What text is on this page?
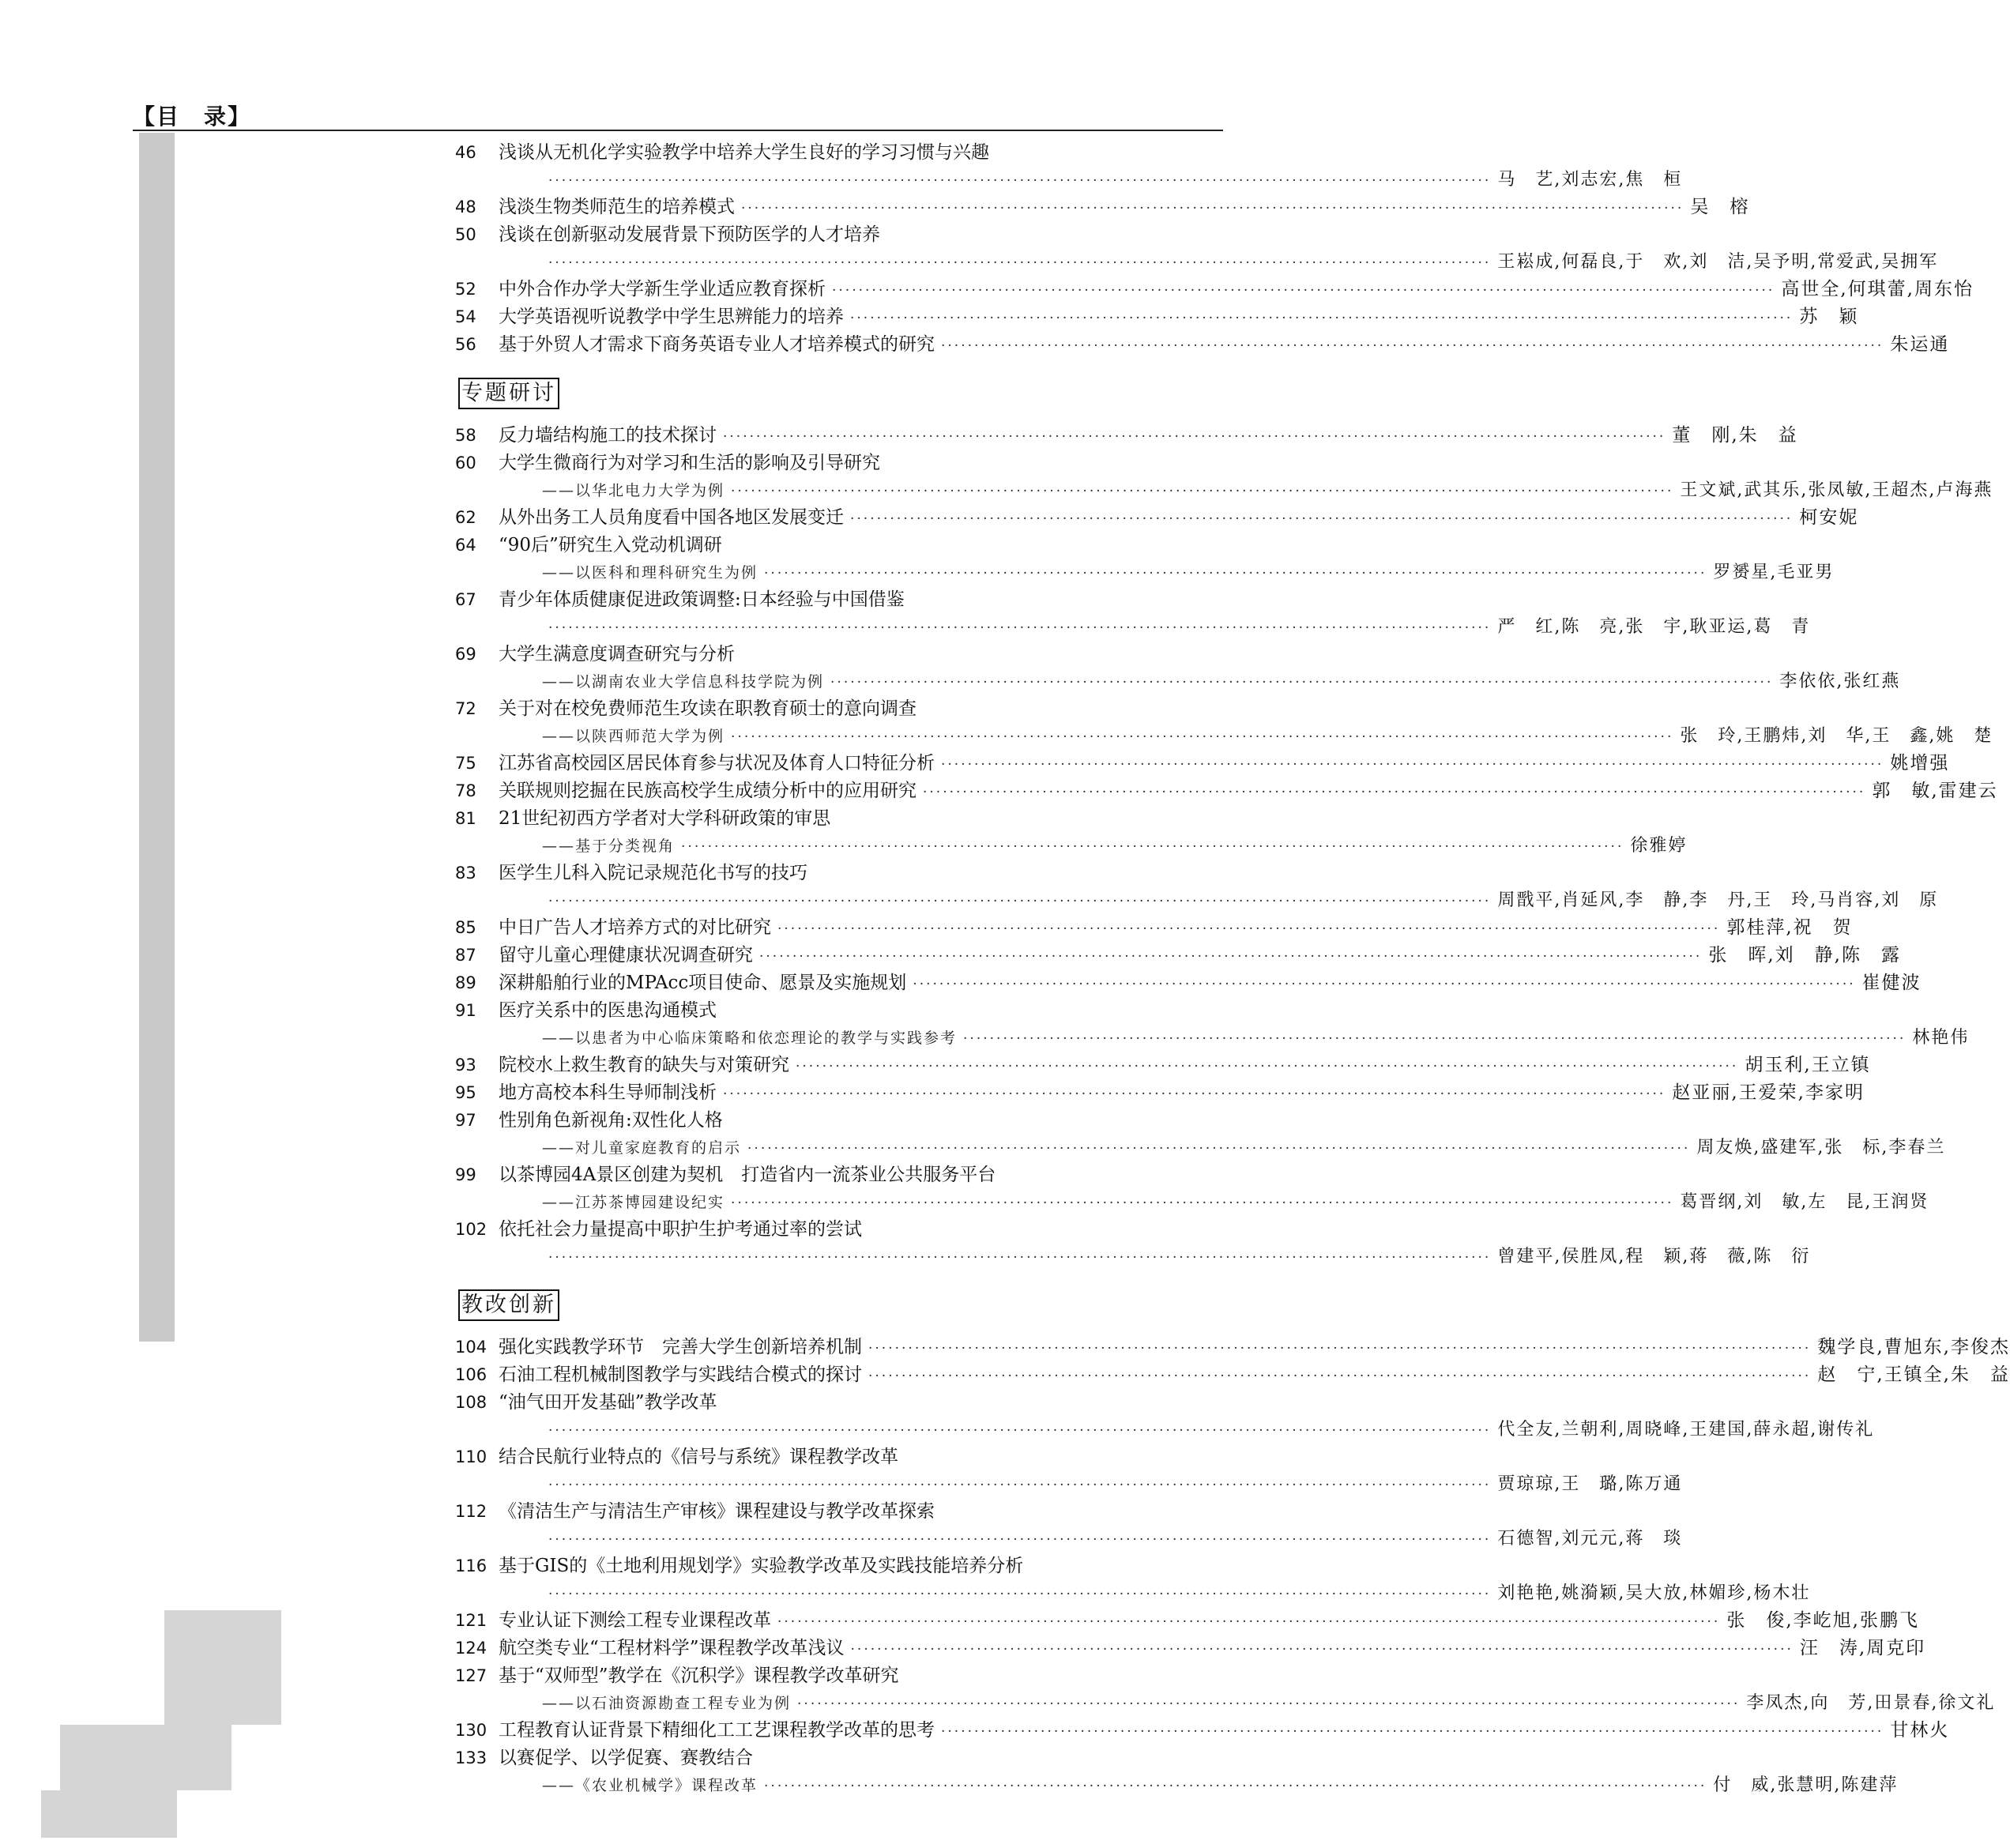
【目　录】
46	浅谈从无机化学实验教学中培养大学生良好的学习习惯与兴趣
·····
马　艺,刘志宏,焦　桓
48	浅淡生物类师范生的培养模式 ·····	吴　榕
50	浅谈在创新驱动发展背景下预防医学的人才培养
·····
王崧成,何磊良,于　欢,刘　洁,吴予明,常爱武,吴拥军
52	中外合作办学大学新生学业适应教育探析 ·····	高世全,何琪蕾,周东怡
54	大学英语视听说教学中学生思辨能力的培养 ·····	苏　颖
56	基于外贸人才需求下商务英语专业人才培养模式的研究 ·····	朱运通
专题研讨
58	反力墙结构施工的技术探讨 ·····	董　刚,朱　益
60	大学生微商行为对学习和生活的影响及引导研究
——以华北电力大学为例 ·····	王文斌,武其乐,张凤敏,王超杰,卢海燕
62	从外出务工人员角度看中国各地区发展变迁 ·····	柯安妮
64	“90后”研究生入党动机调研
——以医科和理科研究生为例 ·····	罗赟星,毛亚男
67	青少年体质健康促进政策调整:日本经验与中国借鉴
·····
严　红,陈　亮,张　宇,耿亚运,葛　青
69	大学生满意度调查研究与分析
——以湖南农业大学信息科技学院为例 ·····	李依依,张红燕
72	关于对在校免费师范生攻读在职教育硕士的意向调查
——以陕西师范大学为例 ·····	张　玲,王鹏炜,刘　华,王　鑫,姚　楚
75	江苏省高校园区居民体育参与状况及体育人口特征分析 ·····	姚增强
78	关联规则挖掘在民族高校学生成绩分析中的应用研究 ·····	郭　敏,雷建云
81	21世纪初西方学者对大学科研政策的审思
——基于分类视角 ·····	徐雅婷
83	医学生儿科入院记录规范化书写的技巧
·····
周戬平,肖延风,李　静,李　丹,王　玲,马肖容,刘　原
85	中日广告人才培养方式的对比研究 ·····	郭桂萍,祝　贺
87	留守儿童心理健康状况调查研究 ·····	张　晖,刘　静,陈　露
89	深耕船舶行业的MPAcc项目使命、愿景及实施规划 ·····	崔健波
91	医疗关系中的医患沟通模式
——以患者为中心临床策略和依恋理论的教学与实践参考 ·····	林艳伟
93	院校水上救生教育的缺失与对策研究 ·····	胡玉利,王立镇
95	地方高校本科生导师制浅析 ·····	赵亚丽,王爱荣,李家明
97	性别角色新视角:双性化人格
——对儿童家庭教育的启示 ·····	周友焕,盛建军,张　标,李春兰
99	以茶博园4A景区创建为契机　打造省内一流茶业公共服务平台
——江苏茶博园建设纪实 ·····	葛晋纲,刘　敏,左　昆,王润贤
102 依托社会力量提高中职护生护考通过率的尝试
·····
曾建平,侯胜凤,程　颖,蒋　薇,陈　衍
教改创新
104 强化实践教学环节　完善大学生创新培养机制 ·····	魏学良,曹旭东,李俊杰
106 石油工程机械制图教学与实践结合模式的探讨 ·····	赵　宁,王镇全,朱　益
108 “油气田开发基础”教学改革
·····
代全友,兰朝利,周晓峰,王建国,薛永超,谢传礼
110 结合民航行业特点的《信号与系统》课程教学改革
·····
贾琼琼,王　璐,陈万通
112 《清洁生产与清洁生产审核》课程建设与教学改革探索
·····
石德智,刘元元,蒋　琰
116 基于GIS的《土地利用规划学》实验教学改革及实践技能培养分析
·····
刘艳艳,姚漪颖,吴大放,林媚珍,杨木壮
121 专业认证下测绘工程专业课程改革 ·····	张　俊,李屹旭,张鹏飞
124 航空类专业“工程材料学”课程教学改革浅议 ·····	汪　涛,周克印
127 基于“双师型”教学在《沉积学》课程教学改革研究
——以石油资源勘查工程专业为例 ·····	李凤杰,向　芳,田景春,徐文礼
130 工程教育认证背景下精细化工工艺课程教学改革的思考 ·····	甘林火
133 以赛促学、以学促赛、赛教结合
——《农业机械学》课程改革 ·····	付　威,张慧明,陈建萍
